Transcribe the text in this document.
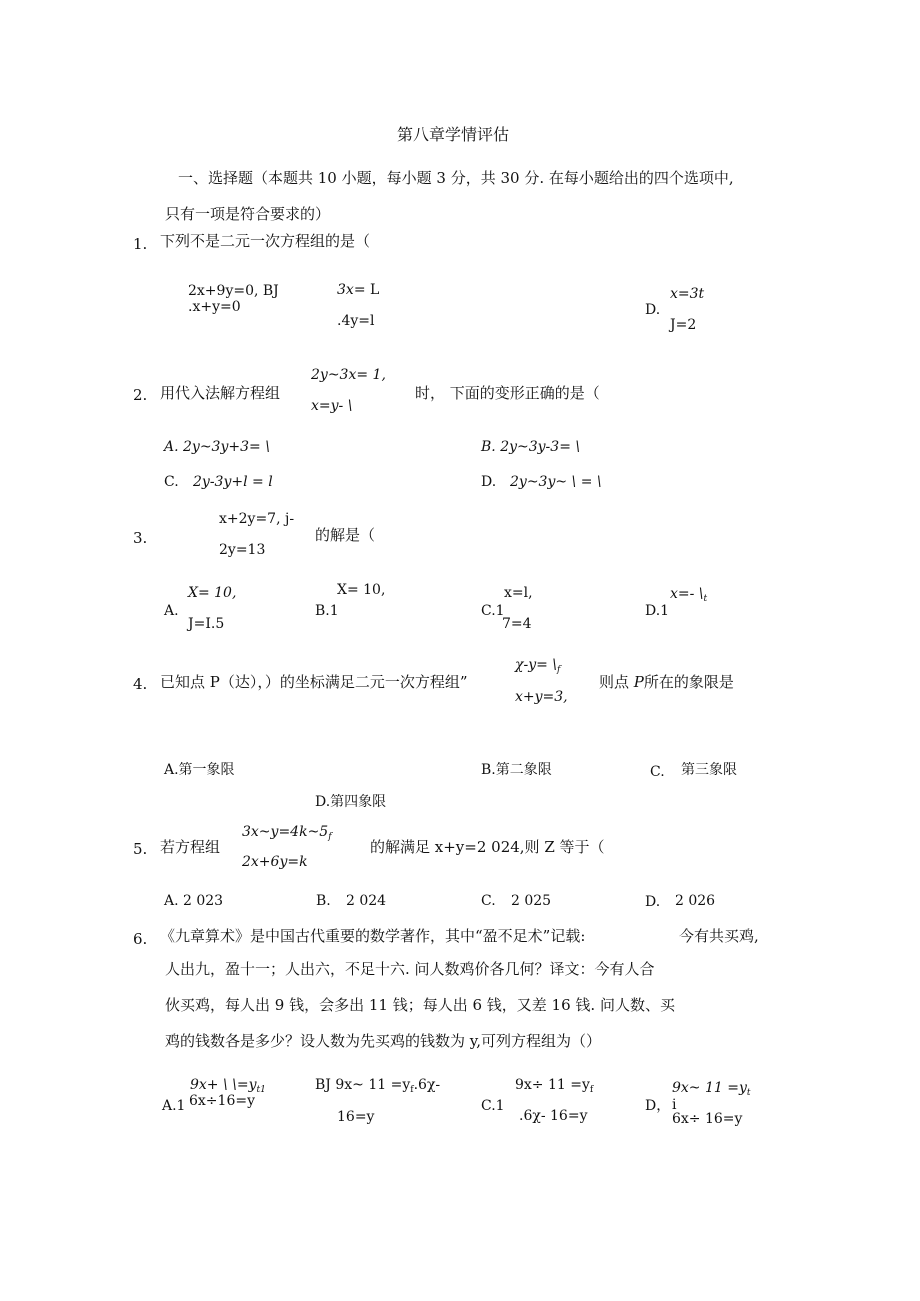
第八章学情评估
一、选择题（本题共 10 小题，每小题 3 分，共 30 分. 在每小题给出的四个选项中,
只有一项是符合要求的）
1. 下列不是二元一次方程组的是（
2x+9y=0, BJ
.x+y=0
3x= L
.4y=l
D.
x=3t
J=2
2. 用代入法解方程组
2y~3x= 1,
x=y- \
时， 下面的变形正确的是（
A. 2y~3y+3= \	B. 2y~3y-3= \
C. 2y-3y+l = l	D. 2y~3y~ \ = \
3.
x+2y=7, j-
2y=13
的解是（
A.
X= 10,
J=I.5
B.1
X= 10,
C.1
x=l,
7=4
D.1
x=- $\backslash_t$
4. 已知点 P（达），）的坐标满足二元一次方程组”
$\chi-y= \backslash_f$
x+y=3,
则点 P所在的象限是
A.第一象限	B.第二象限	C. 第三象限
D.第四象限
5. 若方程组
$3x\sim y=4k\sim 5_f$
2x+6y=k
的解满足 x+y=2 024,则 Z 等于（
A. 2 023	B. 2 024	C. 2 025	D. 2 026
6. 《九章算术》是中国古代重要的数学著作，其中“盈不足术”记载:	今有共买鸡,
人出九，盈十一；人出六，不足十六. 问人数鸡价各几何？译文：今有人合
伙买鸡，每人出 9 钱，会多出 11 钱；每人出 6 钱，又差 16 钱. 问人数、买
鸡的钱数各是多少？设人数为先买鸡的钱数为 y,可列方程组为（）
9x+ \ $\backslash=y_{t1}$
A.1 6x÷16=y
BJ 9x~ $11 =y_f.6\chi-$
16=y
$9x\div 11 =y_f$
C.1
.6χ- 16=y
9x~ $11 =y_t$
D， i
6x÷ 16=y
